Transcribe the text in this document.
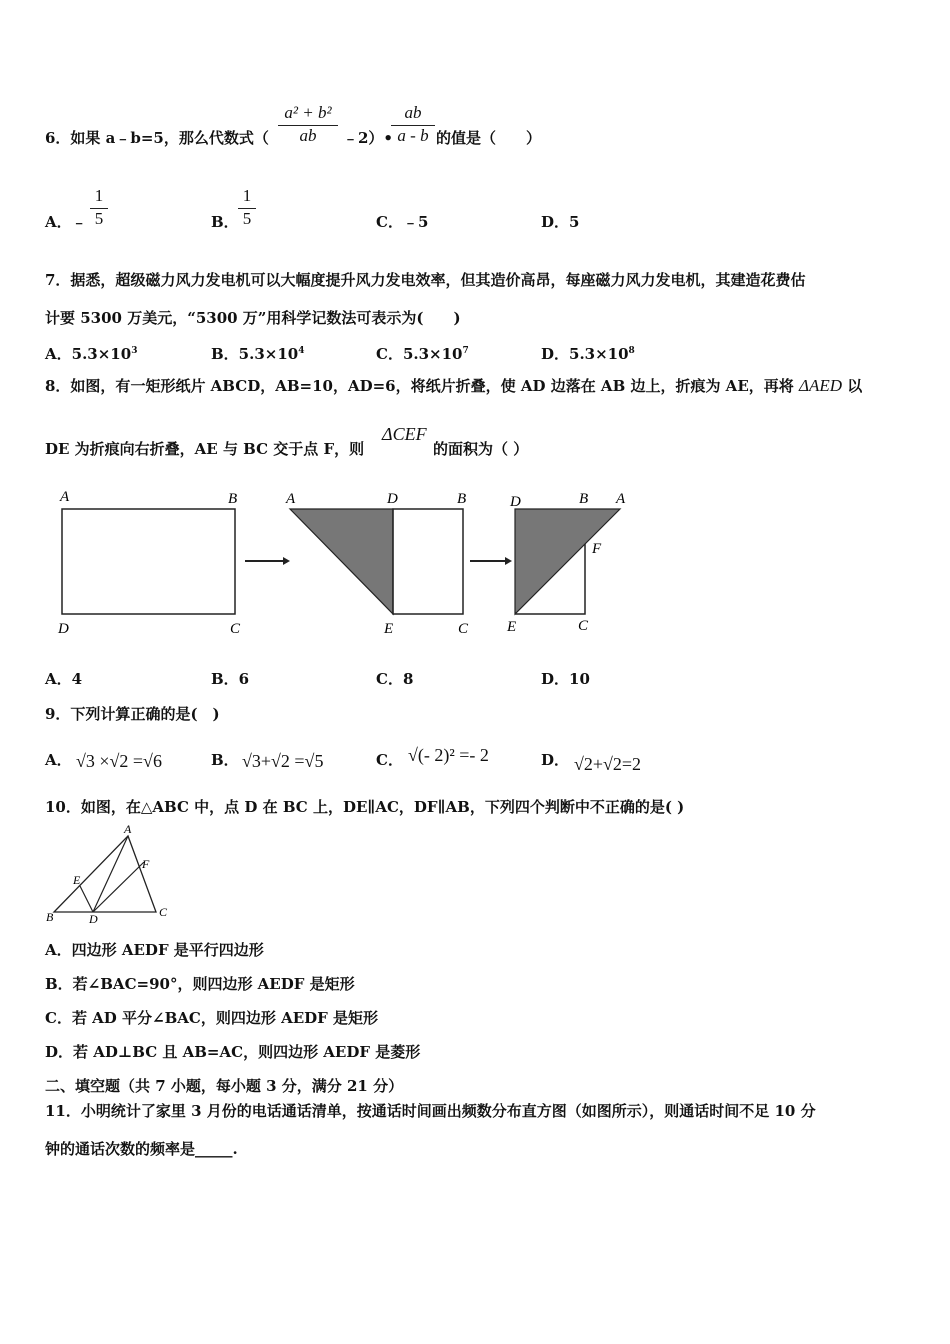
6．如果 a﹣b=5，那么代数式（ $\frac{\text{a² + b²}}{ab}$ ﹣2）•
$\frac{ab}{a - b}$ 的值是（　　）
A．﹣ $\frac{1}{5}$	B． $\frac{1}{5}$	C．﹣5	D．5
7．据悉，超级磁力风力发电机可以大幅度提升风力发电效率，但其造价高昂，每座磁力风力发电机，其建造花费估
计要 5300 万美元，“5300 万”用科学记数法可表示为(　　)
A．$5.3\times 10^3$	B．$5.3\times 10^4$	C．$5.3\times 10^7$	D．$5.3\times 10^8$
8．如图，有一矩形纸片 ABCD，AB=10，AD=6，将纸片折叠，使 AD 边落在 AB 边上，折痕为 AE，再将 ΔAED 以
DE 为折痕向右折叠，AE 与 BC 交于点 F，则
ΔCEF
的面积为（ ）
A	B
D	C
A	D	B
E	C
D	B A
F
E	C
A．4	B．6	C．8	D．10
9．下列计算正确的是(　)
A． √3 ×√2 =√6	B． √3+√2 =√5	C． √(- 2)² =- 2	D． √2+√2=2
10．如图，在△ABC 中，点 D 在 BC 上，DE∥AC，DF∥AB，下列四个判断中不正确的是( )
A
B	C
D
E
F
A．四边形 AEDF 是平行四边形
B．若∠BAC=90°，则四边形 AEDF 是矩形
C．若 AD 平分∠BAC，则四边形 AEDF 是矩形
D．若 AD⊥BC 且 AB=AC，则四边形 AEDF 是菱形
二、填空题（共 7 小题，每小题 3 分，满分 21 分）
11．小明统计了家里 3 月份的电话通话清单，按通话时间画出频数分布直方图（如图所示），则通话时间不足 10 分
钟的通话次数的频率是_____.
